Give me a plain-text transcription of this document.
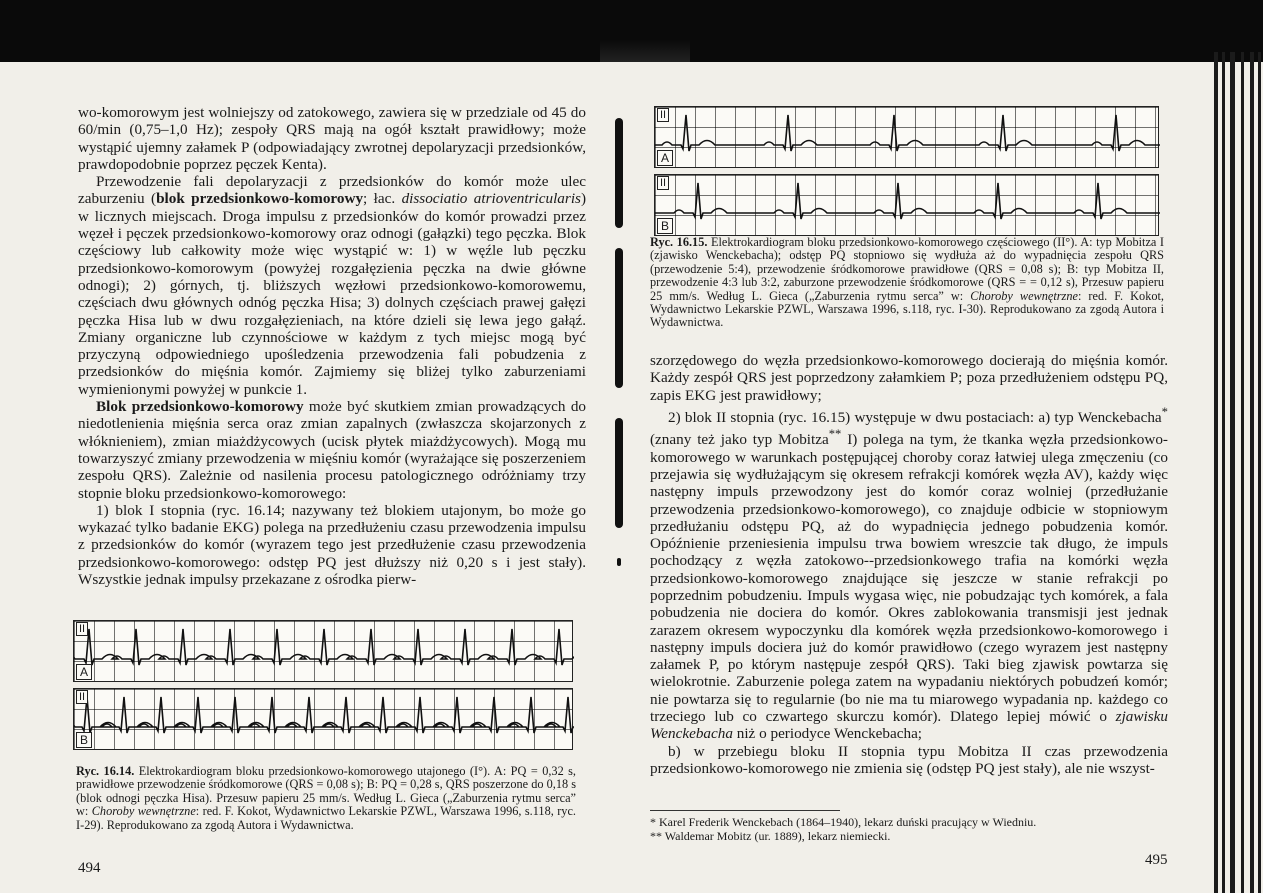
wo-komorowym jest wolniejszy od zatokowego, zawiera się w przedziale od 45 do 60/min (0,75–1,0 Hz); zespoły QRS mają na ogół kształt prawidłowy; może wystąpić ujemny załamek P (odpowiadający zwrotnej depolaryzacji przedsionków, prawdopodobnie poprzez pęczek Kenta).

Przewodzenie fali depolaryzacji z przedsionków do komór może ulec zaburzeniu (blok przedsionkowo-komorowy; łac. dissociatio atrioventricularis) w licznych miejscach. Droga impulsu z przedsionków do komór prowadzi przez węzeł i pęczek przedsionkowo-komorowy oraz odnogi (gałązki) tego pęczka. Blok częściowy lub całkowity może więc wystąpić w: 1) w węźle lub pęczku przedsionkowo-komorowym (powyżej rozgałęzienia pęczka na dwie główne odnogi); 2) górnych, tj. bliższych węzłowi przedsionkowo-komorowemu, częściach dwu głównych odnóg pęczka Hisa; 3) dolnych częściach prawej gałęzi pęczka Hisa lub w dwu rozgałęzieniach, na które dzieli się lewa jego gałąź. Zmiany organiczne lub czynnościowe w każdym z tych miejsc mogą być przyczyną odpowiedniego upośledzenia przewodzenia fali pobudzenia z przedsionków do mięśnia komór. Zajmiemy się bliżej tylko zaburzeniami wymienionymi powyżej w punkcie 1.

Blok przedsionkowo-komorowy może być skutkiem zmian prowadzących do niedotlenienia mięśnia serca oraz zmian zapalnych (zwłaszcza skojarzonych z włóknieniem), zmian miażdżycowych (ucisk płytek miażdżycowych). Mogą mu towarzyszyć zmiany przewodzenia w mięśniu komór (wyrażające się poszerzeniem zespołu QRS). Zależnie od nasilenia procesu patologicznego odróżniamy trzy stopnie bloku przedsionkowo-komorowego:

1) blok I stopnia (ryc. 16.14; nazywany też blokiem utajonym, bo może go wykazać tylko badanie EKG) polega na przedłużeniu czasu przewodzenia impulsu z przedsionków do komór (wyrazem tego jest przedłużenie czasu przewodzenia przedsionkowo-komorowego: odstęp PQ jest dłuższy niż 0,20 s i jest stały). Wszystkie jednak impulsy przekazane z ośrodka pierw-

II
A
II
B
Ryc. 16.14. Elektrokardiogram bloku przedsionkowo-komorowego utajonego (I°). A: PQ = 0,32 s, prawidłowe przewodzenie śródkomorowe (QRS = 0,08 s); B: PQ = 0,28 s, QRS poszerzone do 0,18 s (blok odnogi pęczka Hisa). Przesuw papieru 25 mm/s. Według L. Gieca („Zaburzenia rytmu serca” w: Choroby wewnętrzne: red. F. Kokot, Wydawnictwo Lekarskie PZWL, Warszawa 1996, s.118, ryc. I-29). Reprodukowano za zgodą Autora i Wydawnictwa.
II
A
II
B
Ryc. 16.15. Elektrokardiogram bloku przedsionkowo-komorowego częściowego (II°). A: typ Mobitza I (zjawisko Wenckebacha); odstęp PQ stopniowo się wydłuża aż do wypadnięcia zespołu QRS (przewodzenie 5:4), przewodzenie śródkomorowe prawidłowe (QRS = 0,08 s); B: typ Mobitza II, przewodzenie 4:3 lub 3:2, zaburzone przewodzenie śródkomorowe (QRS = = 0,12 s), Przesuw papieru 25 mm/s. Według L. Gieca („Zaburzenia rytmu serca” w: Choroby wewnętrzne: red. F. Kokot, Wydawnictwo Lekarskie PZWL, Warszawa 1996, s.118, ryc. I-30). Reprodukowano za zgodą Autora i Wydawnictwa.

szorzędowego do węzła przedsionkowo-komorowego docierają do mięśnia komór. Każdy zespół QRS jest poprzedzony załamkiem P; poza przedłużeniem odstępu PQ, zapis EKG jest prawidłowy;

2) blok II stopnia (ryc. 16.15) występuje w dwu postaciach: a) typ Wenckebacha* (znany też jako typ Mobitza** I) polega na tym, że tkanka węzła przedsionkowo-komorowego w warunkach postępującej choroby coraz łatwiej ulega zmęczeniu (co przejawia się wydłużającym się okresem refrakcji komórek węzła AV), każdy więc następny impuls przewodzony jest do komór coraz wolniej (przedłużanie przewodzenia przedsionkowo-komorowego), co znajduje odbicie w stopniowym przedłużaniu odstępu PQ, aż do wypadnięcia jednego pobudzenia komór. Opóźnienie przeniesienia impulsu trwa bowiem wreszcie tak długo, że impuls pochodzący z węzła zatokowo--przedsionkowego trafia na komórki węzła przedsionkowo-komorowego znajdujące się jeszcze w stanie refrakcji po poprzednim pobudzeniu. Impuls wygasa więc, nie pobudzając tych komórek, a fala pobudzenia nie dociera do komór. Okres zablokowania transmisji jest jednak zarazem okresem wypoczynku dla komórek węzła przedsionkowo-komorowego i następny impuls dociera już do komór prawidłowo (czego wyrazem jest następny załamek P, po którym następuje zespół QRS). Taki bieg zjawisk powtarza się wielokrotnie. Zaburzenie polega zatem na wypadaniu niektórych pobudzeń komór; nie powtarza się to regularnie (bo nie ma tu miarowego wypadania np. każdego co trzeciego lub co czwartego skurczu komór). Dlatego lepiej mówić o zjawisku Wenckebacha niż o periodyce Wenckebacha;

b) w przebiegu bloku II stopnia typu Mobitza II czas przewodzenia przedsionkowo-komorowego nie zmienia się (odstęp PQ jest stały), ale nie wszyst-

* Karel Frederik Wenckebach (1864–1940), lekarz duński pracujący w Wiedniu.
** Waldemar Mobitz (ur. 1889), lekarz niemiecki.
494	495
